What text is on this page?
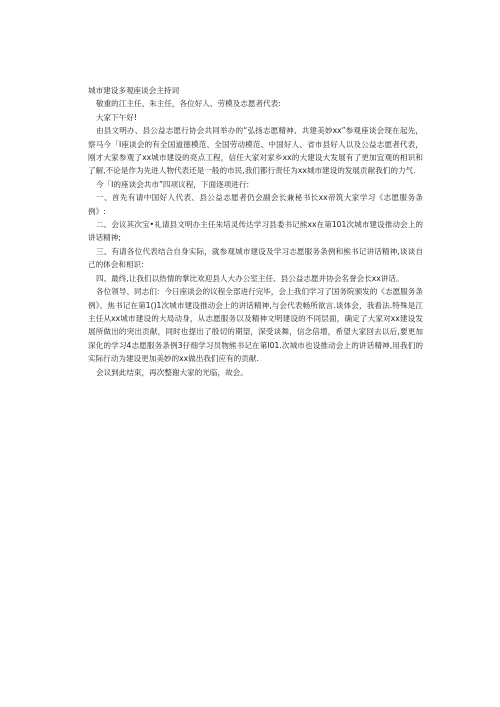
城市建设多观座谈会主持词

敬重的江主任、朱主任，各位好人、劳模及志愿者代表:

大家下午好!

由县文明办、县公益志愿行协会共同举办的“弘扬志愿精神、共建美妙xx”参观座谈会现在起先，察马今「I座谈会的有全国道徳模范、全国劳动模范、中国好人、省市县好人以及公益志愿者代表，刚才大家参观了xx城市建设的亮点工程，信任大家对家乡xx的大建设大发展有了更加宜观的相识和了解,不论是作为先进人物代表还是一般的市民,我们都行责任为xx城市建设的发展贡献我们的力气.

今「I的座谈会共市”四项议程，下面逐项进行:

一、首先有请中国好人代表、县公益志愿者仍会副会长兼秘书长xx帝筑大家学习《志愿服务条例》:

二、会议其次宝•礼请县文明办主任朱培灵传达学习县委书记熊xx在第101次城市建设推动会上的讲话精神;

三、有请各位代表结合自身实际，就参观城市建设及学习志愿服务条例和熊书记讲话精神,谈谈自己的体会和相识:

四、最终,让我们以热情的掌比欢迎县人大办公室主任、县公益志愿并协会名誉会长xx讲话。

各位领导、同志们：今日座谈会的议程全部进行完毕，会上我们学习了国务院颁发的《志愿服务条例》、焦书记在第1()1次城市建设推动会上的讲话精神,与会代表畅所欲言.谈体会，我看法.特殊是江主任从xx城市建设的大局动身，从志愿服务以及精神文明建设的不同层面，确定了大家对xx建设发展所做出的突出贡献，同时也提出了殷切的期望，深受谈舞，信念倍增，希望大家回去以后,要更加深化的学习4志愿服务条例3仔细学习员物熊书记在第I01.次城市也设推动会上的讲话精神,用我们的实际行动为建设更加美妙的xx做出我们应有的贡献.

会议到此结束，再次整谢大家的光临，故会。
